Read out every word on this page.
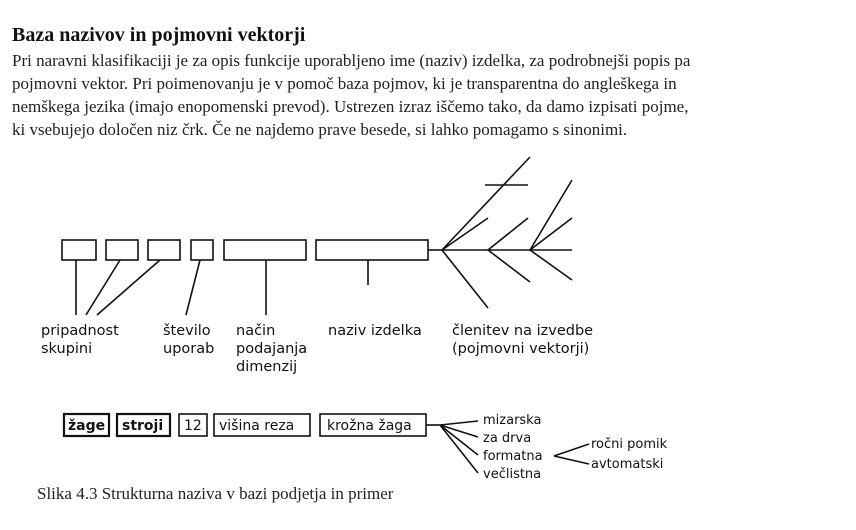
Baza nazivov in pojmovni vektorji
Pri naravni klasifikaciji je za opis funkcije uporabljeno ime (naziv) izdelka, za podrobnejši popis pa
pojmovni vektor. Pri poimenovanju je v pomoč baza pojmov, ki je transparentna do angleškega in
nemškega jezika (imajo enopomenski prevod). Ustrezen izraz iščemo tako, da damo izpisati pojme,
ki vsebujejo določen niz črk. Če ne najdemo prave besede, si lahko pomagamo s sinonimi.
pripadnost
skupini
število
uporab
način
podajanja
dimenzij
naziv izdelka členitev na izvedbe
(pojmovni vektorji)
žage stroji 12 višina reza krožna žaga	mizarska
za drva
formatna
večlistna
ročni pomik
avtomatski
Slika 4.3 Strukturna naziva v bazi podjetja in primer
